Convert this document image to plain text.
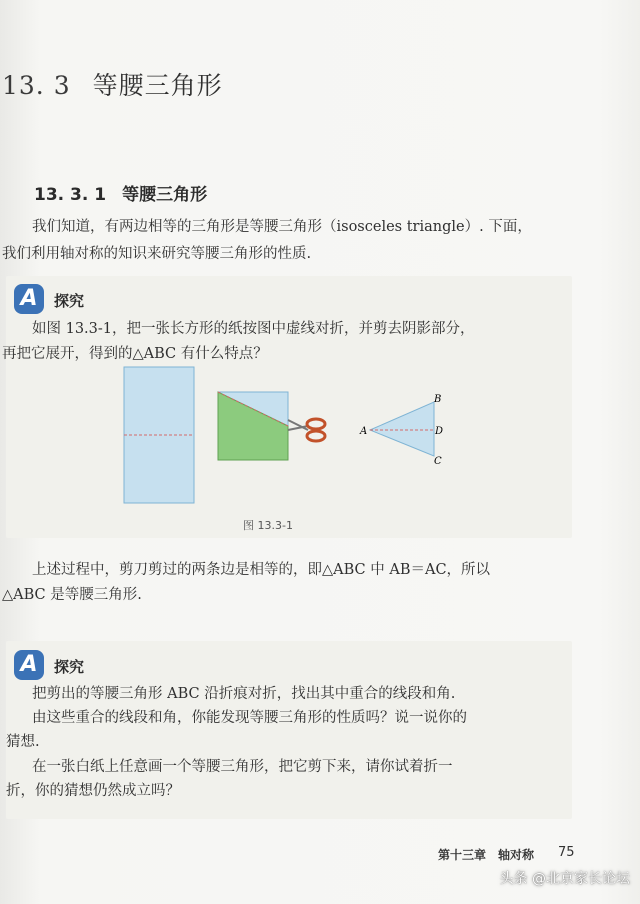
13. 3 等腰三角形
13. 3. 1 等腰三角形
我们知道，有两边相等的三角形是等腰三角形（isosceles triangle）. 下面，
我们利用轴对称的知识来研究等腰三角形的性质.
A	探究
如图 13.3-1，把一张长方形的纸按图中虚线对折，并剪去阴影部分，
再把它展开，得到的△ABC 有什么特点？
A
B
D
C
图 13.3-1
上述过程中，剪刀剪过的两条边是相等的，即△ABC 中 AB＝AC，所以
△ABC 是等腰三角形.
A	探究
把剪出的等腰三角形 ABC 沿折痕对折，找出其中重合的线段和角.
由这些重合的线段和角，你能发现等腰三角形的性质吗？说一说你的
猜想.
在一张白纸上任意画一个等腰三角形，把它剪下来，请你试着折一
折，你的猜想仍然成立吗？
第十三章　轴对称 75
头条 @北京家长论坛
